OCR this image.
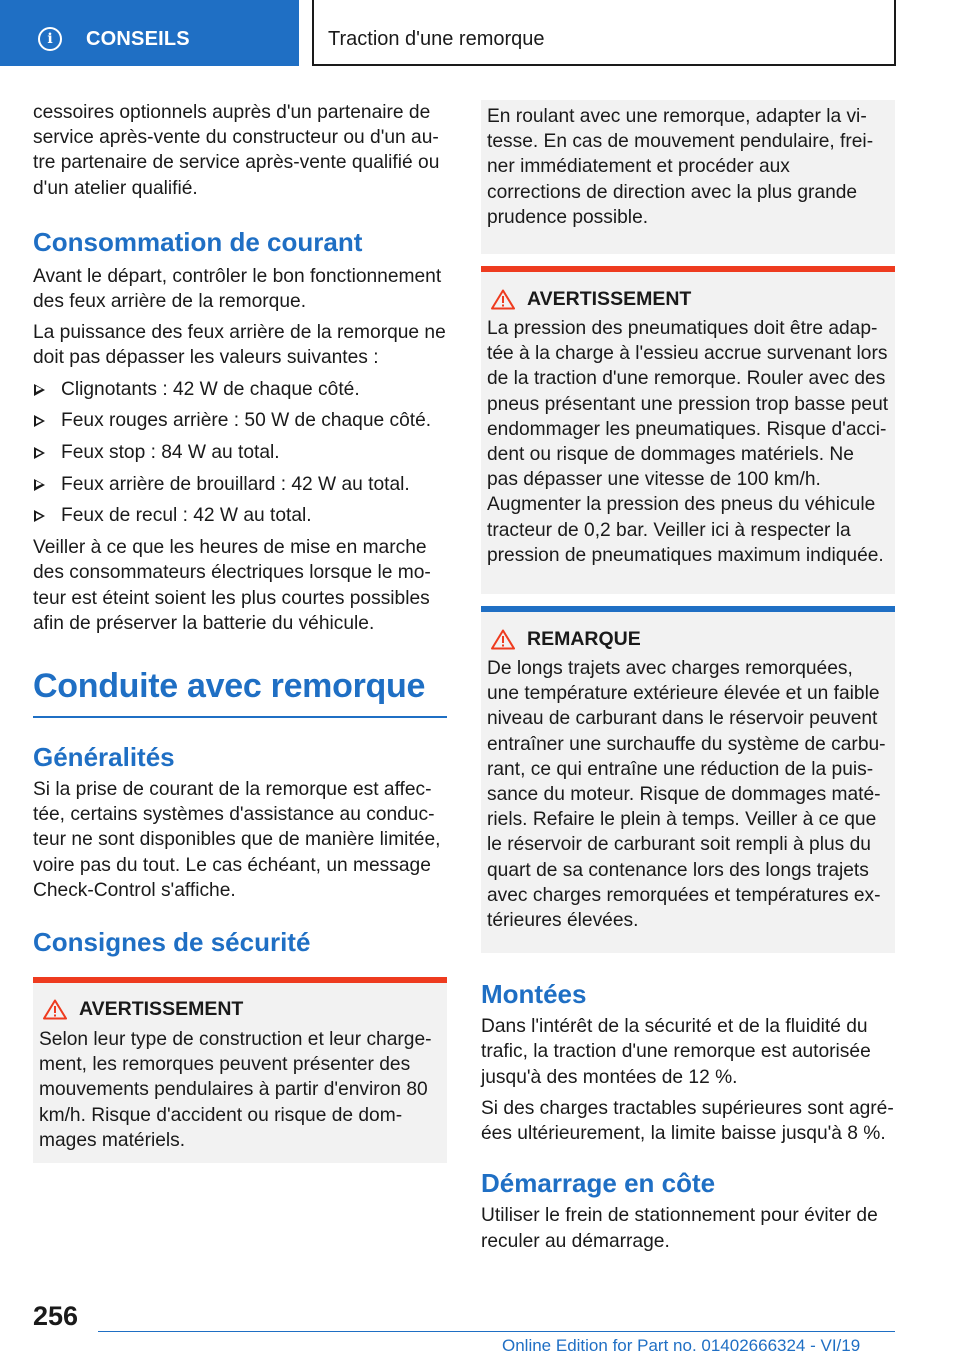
i	CONSEILS	Traction d'une remorque

cessoires optionnels auprès d'un partenaire de service après-vente du constructeur ou d'un autre partenaire de service après-vente qualifié ou d'un atelier qualifié.

Consommation de courant

Avant le départ, contrôler le bon fonctionnement des feux arrière de la remorque.

La puissance des feux arrière de la remorque ne doit pas dépasser les valeurs suivantes :

Clignotants : 42 W de chaque côté.
Feux rouges arrière : 50 W de chaque côté.
Feux stop : 84 W au total.
Feux arrière de brouillard : 42 W au total.
Feux de recul : 42 W au total.

Veiller à ce que les heures de mise en marche des consommateurs électriques lorsque le moteur est éteint soient les plus courtes possibles afin de préserver la batterie du véhicule.

Conduite avec remorque
Généralités

Si la prise de courant de la remorque est affectée, certains systèmes d'assistance au conducteur ne sont disponibles que de manière limitée, voire pas du tout. Le cas échéant, un message Check-Control s'affiche.

Consignes de sécurité
AVERTISSEMENT

Selon leur type de construction et leur chargement, les remorques peuvent présenter des mouvements pendulaires à partir d'environ 80 km/h. Risque d'accident ou risque de dommages matériels.

En roulant avec une remorque, adapter la vitesse. En cas de mouvement pendulaire, freiner immédiatement et procéder aux corrections de direction avec la plus grande prudence possible.

AVERTISSEMENT

La pression des pneumatiques doit être adaptée à la charge à l'essieu accrue survenant lors de la traction d'une remorque. Rouler avec des pneus présentant une pression trop basse peut endommager les pneumatiques. Risque d'accident ou risque de dommages matériels. Ne pas dépasser une vitesse de 100 km/h. Augmenter la pression des pneus du véhicule tracteur de 0,2 bar. Veiller ici à respecter la pression de pneumatiques maximum indiquée.

REMARQUE

De longs trajets avec charges remorquées, une température extérieure élevée et un faible niveau de carburant dans le réservoir peuvent entraîner une surchauffe du système de carburant, ce qui entraîne une réduction de la puissance du moteur. Risque de dommages matériels. Refaire le plein à temps. Veiller à ce que le réservoir de carburant soit rempli à plus du quart de sa contenance lors des longs trajets avec charges remorquées et températures extérieures élevées.

Montées

Dans l'intérêt de la sécurité et de la fluidité du trafic, la traction d'une remorque est autorisée jusqu'à des montées de 12 %.

Si des charges tractables supérieures sont agréées ultérieurement, la limite baisse jusqu'à 8 %.

Démarrage en côte

Utiliser le frein de stationnement pour éviter de reculer au démarrage.

256
Online Edition for Part no. 01402666324 - VI/19
